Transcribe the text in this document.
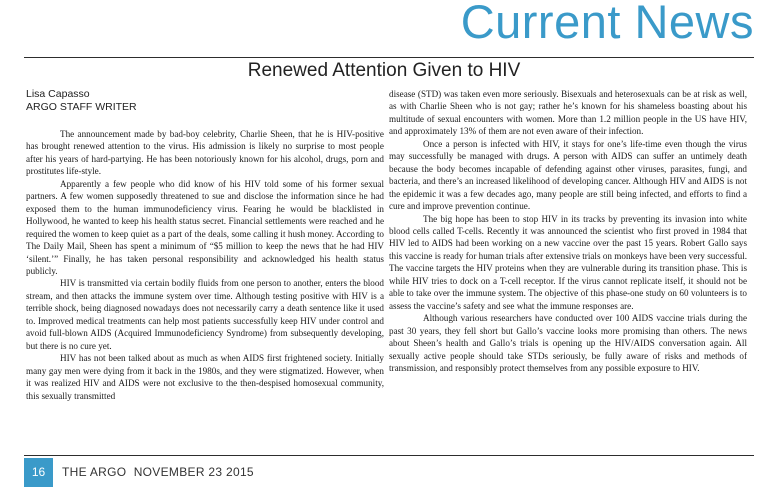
Current News
Renewed Attention Given to HIV
Lisa Capasso
ARGO STAFF WRITER

The announcement made by bad-boy celebrity, Charlie Sheen, that he is HIV-positive has brought renewed attention to the virus. His admission is likely no surprise to most people after his years of hard-partying. He has been notoriously known for his alcohol, drugs, porn and prostitutes life-style.

Apparently a few people who did know of his HIV told some of his former sexual partners. A few women supposedly threatened to sue and disclose the information since he had exposed them to the human immunodeficiency virus. Fearing he would be blacklisted in Hollywood, he wanted to keep his health status secret. Financial settlements were reached and he required the women to keep quiet as a part of the deals, some calling it hush money. According to The Daily Mail, Sheen has spent a minimum of “$5 million to keep the news that he had HIV ‘silent.’” Finally, he has taken personal responsibility and acknowledged his health status publicly.

HIV is transmitted via certain bodily fluids from one person to another, enters the blood stream, and then attacks the immune system over time. Although testing positive with HIV is a terrible shock, being diagnosed nowadays does not necessarily carry a death sentence like it used to. Improved medical treatments can help most patients successfully keep HIV under control and avoid full-blown AIDS (Acquired Immunodeficiency Syndrome) from subsequently developing, but there is no cure yet.

HIV has not been talked about as much as when AIDS first frightened society. Initially many gay men were dying from it back in the 1980s, and they were stigmatized. However, when it was realized HIV and AIDS were not exclusive to the then-despised homosexual community, this sexually transmitted

disease (STD) was taken even more seriously. Bisexuals and heterosexuals can be at risk as well, as with Charlie Sheen who is not gay; rather he’s known for his shameless boasting about his multitude of sexual encounters with women. More than 1.2 million people in the US have HIV, and approximately 13% of them are not even aware of their infection.

Once a person is infected with HIV, it stays for one’s life-time even though the virus may successfully be managed with drugs. A person with AIDS can suffer an untimely death because the body becomes incapable of defending against other viruses, parasites, fungi, and bacteria, and there’s an increased likelihood of developing cancer. Although HIV and AIDS is not the epidemic it was a few decades ago, many people are still being infected, and efforts to find a cure and improve prevention continue.

The big hope has been to stop HIV in its tracks by preventing its invasion into white blood cells called T-cells. Recently it was announced the scientist who first proved in 1984 that HIV led to AIDS had been working on a new vaccine over the past 15 years. Robert Gallo says this vaccine is ready for human trials after extensive trials on monkeys have been very successful. The vaccine targets the HIV proteins when they are vulnerable during its transition phase. This is while HIV tries to dock on a T-cell receptor. If the virus cannot replicate itself, it should not be able to take over the immune system. The objective of this phase-one study on 60 volunteers is to assess the vaccine’s safety and see what the immune responses are.

Although various researchers have conducted over 100 AIDS vaccine trials during the past 30 years, they fell short but Gallo’s vaccine looks more promising than others. The news about Sheen’s health and Gallo’s trials is opening up the HIV/AIDS conversation again. All sexually active people should take STDs seriously, be fully aware of risks and methods of transmission, and responsibly protect themselves from any possible exposure to HIV.

16	THE ARGO NOVEMBER 23 2015
